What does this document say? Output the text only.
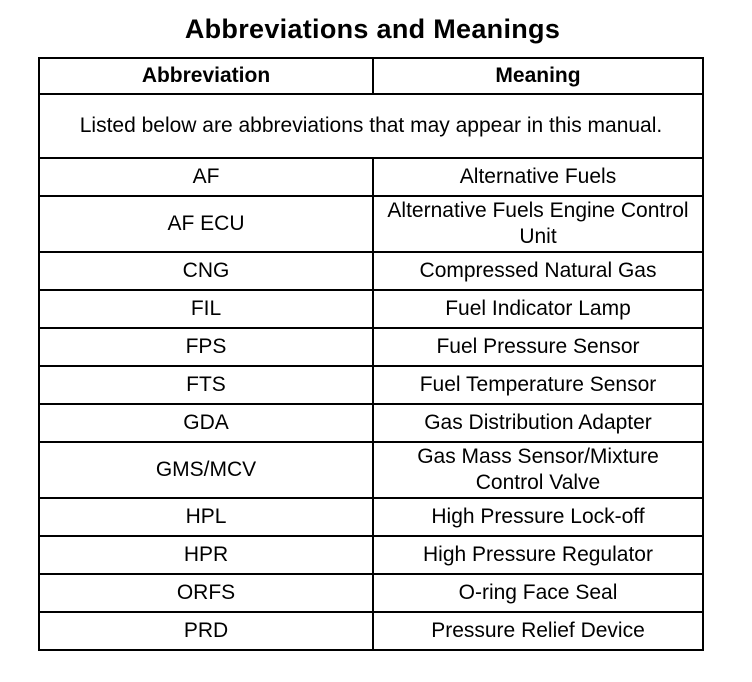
Abbreviations and Meanings
Abbreviation	Meaning
Listed below are abbreviations that may appear in this manual.	
AF	Alternative Fuels
AF ECU	Alternative Fuels Engine Control Unit
CNG	Compressed Natural Gas
FIL	Fuel Indicator Lamp
FPS	Fuel Pressure Sensor
FTS	Fuel Temperature Sensor
GDA	Gas Distribution Adapter
GMS/MCV	Gas Mass Sensor/Mixture Control Valve
HPL	High Pressure Lock-off
HPR	High Pressure Regulator
ORFS	O-ring Face Seal
PRD	Pressure Relief Device
